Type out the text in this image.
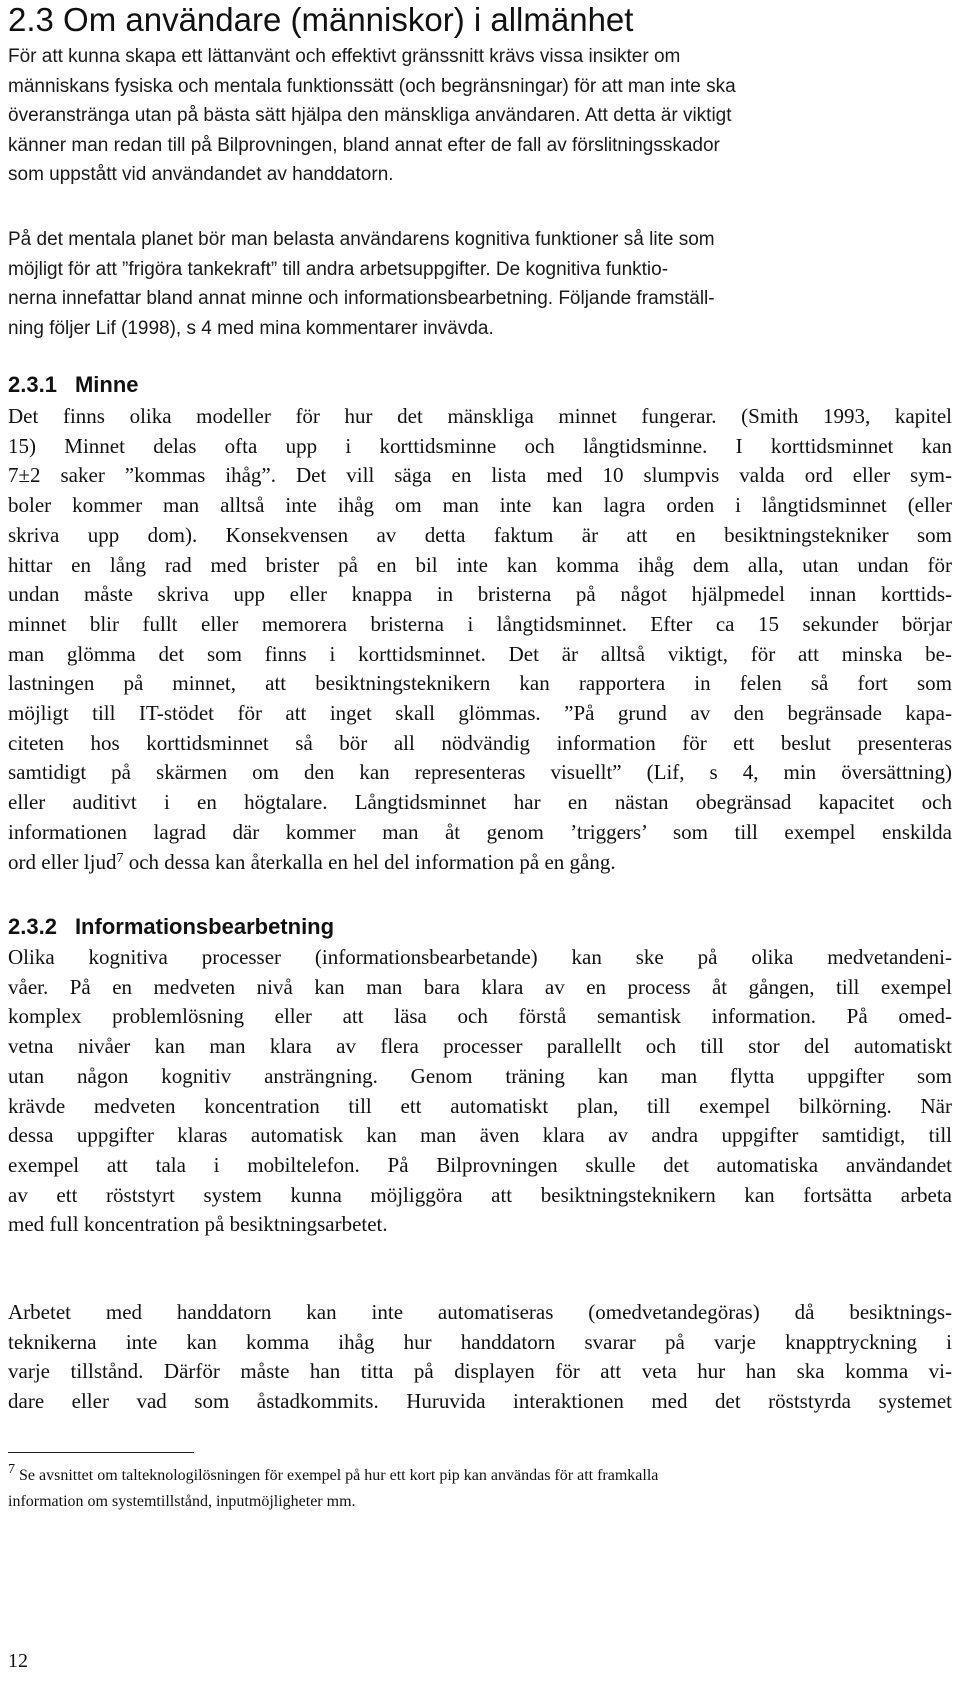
2.3 Om användare (människor) i allmänhet

För att kunna skapa ett lättanvänt och effektivt gränssnitt krävs vissa insikter om
människans fysiska och mentala funktionssätt (och begränsningar) för att man inte ska
överanstränga utan på bästa sätt hjälpa den mänskliga användaren. Att detta är viktigt
känner man redan till på Bilprovningen, bland annat efter de fall av förslitningsskador
som uppstått vid användandet av handdatorn.

På det mentala planet bör man belasta användarens kognitiva funktioner så lite som
möjligt för att ”frigöra tankekraft” till andra arbetsuppgifter. De kognitiva funktio-
nerna innefattar bland annat minne och informationsbearbetning. Följande framställ-
ning följer Lif (1998), s 4 med mina kommentarer invävda.

2.3.1 Minne

Det finns olika modeller för hur det mänskliga minnet fungerar. (Smith 1993, kapitel
15) Minnet delas ofta upp i korttidsminne och långtidsminne. I korttidsminnet kan
7±2 saker ”kommas ihåg”. Det vill säga en lista med 10 slumpvis valda ord eller sym-
boler kommer man alltså inte ihåg om man inte kan lagra orden i långtidsminnet (eller
skriva upp dom). Konsekvensen av detta faktum är att en besiktningstekniker som
hittar en lång rad med brister på en bil inte kan komma ihåg dem alla, utan undan för
undan måste skriva upp eller knappa in bristerna på något hjälpmedel innan korttids-
minnet blir fullt eller memorera bristerna i långtidsminnet. Efter ca 15 sekunder börjar
man glömma det som finns i korttidsminnet. Det är alltså viktigt, för att minska be-
lastningen på minnet, att besiktningsteknikern kan rapportera in felen så fort som
möjligt till IT-stödet för att inget skall glömmas. ”På grund av den begränsade kapa-
citeten hos korttidsminnet så bör all nödvändig information för ett beslut presenteras
samtidigt på skärmen om den kan representeras visuellt” (Lif, s 4, min översättning)
eller auditivt i en högtalare. Långtidsminnet har en nästan obegränsad kapacitet och
informationen lagrad där kommer man åt genom ’triggers’ som till exempel enskilda
ord eller ljud$^7$ och dessa kan återkalla en hel del information på en gång.

2.3.2 Informationsbearbetning

Olika kognitiva processer (informationsbearbetande) kan ske på olika medvetandeni-
våer. På en medveten nivå kan man bara klara av en process åt gången, till exempel
komplex problemlösning eller att läsa och förstå semantisk information. På omed-
vetna nivåer kan man klara av flera processer parallellt och till stor del automatiskt
utan någon kognitiv ansträngning. Genom träning kan man flytta uppgifter som
krävde medveten koncentration till ett automatiskt plan, till exempel bilkörning. När
dessa uppgifter klaras automatisk kan man även klara av andra uppgifter samtidigt, till
exempel att tala i mobiltelefon. På Bilprovningen skulle det automatiska användandet
av ett röststyrt system kunna möjliggöra att besiktningsteknikern kan fortsätta arbeta
med full koncentration på besiktningsarbetet.

Arbetet med handdatorn kan inte automatiseras (omedvetandegöras) då besiktnings-
teknikerna inte kan komma ihåg hur handdatorn svarar på varje knapptryckning i
varje tillstånd. Därför måste han titta på displayen för att veta hur han ska komma vi-
dare eller vad som åstadkommits. Huruvida interaktionen med det röststyrda systemet

$^7$ Se avsnittet om talteknologilösningen för exempel på hur ett kort pip kan användas för att framkalla
information om systemtillstånd, inputmöjligheter mm.

12
